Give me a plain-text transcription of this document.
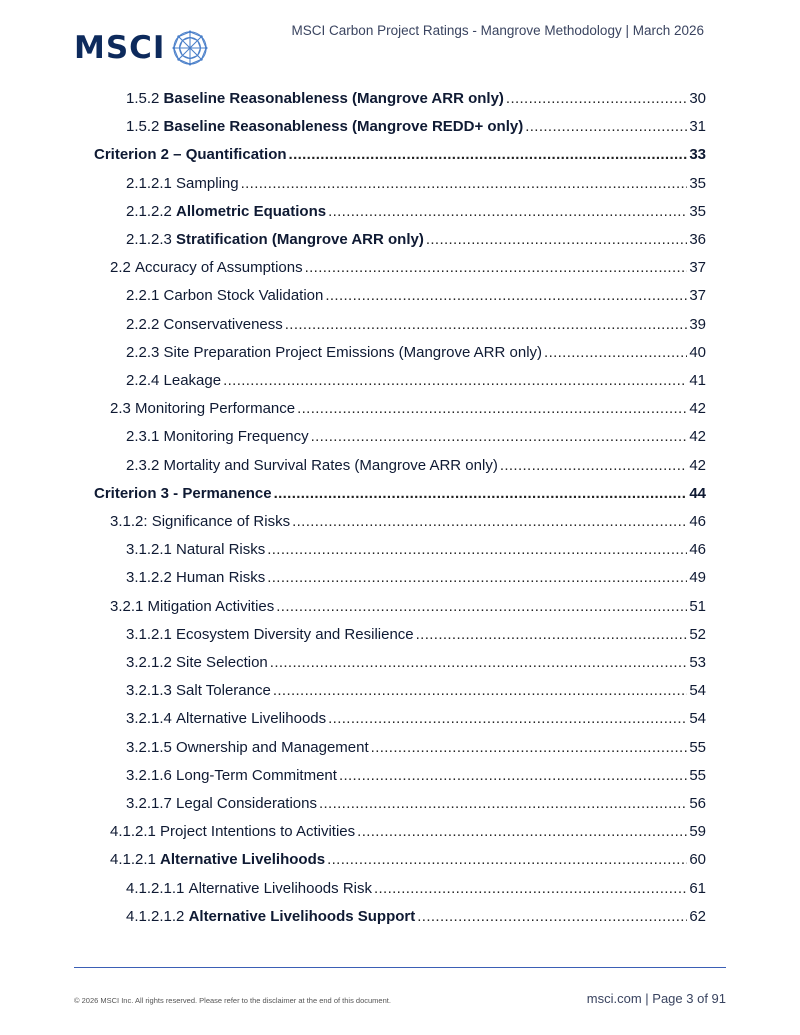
MSCI	MSCI Carbon Project Ratings - Mangrove Methodology | March 2026
1.5.2 Baseline Reasonableness (Mangrove ARR only) . . .	30
1.5.2 Baseline Reasonableness (Mangrove REDD+ only) . . .	31
Criterion 2 – Quantification . . .	33
2.1.2.1 Sampling . . .	35
2.1.2.2 Allometric Equations . . .	35
2.1.2.3 Stratification (Mangrove ARR only) . . .	36
2.2 Accuracy of Assumptions . . .	37
2.2.1 Carbon Stock Validation . . .	37
2.2.2 Conservativeness . . .	39
2.2.3 Site Preparation Project Emissions (Mangrove ARR only) . . .	40
2.2.4 Leakage . . .	41
2.3 Monitoring Performance . . .	42
2.3.1 Monitoring Frequency . . .	42
2.3.2 Mortality and Survival Rates (Mangrove ARR only) . . .	42
Criterion 3 - Permanence . . .	44
3.1.2: Significance of Risks . . .	46
3.1.2.1 Natural Risks . . .	46
3.1.2.2 Human Risks . . .	49
3.2.1 Mitigation Activities . . .	51
3.1.2.1 Ecosystem Diversity and Resilience . . .	52
3.2.1.2 Site Selection . . .	53
3.2.1.3 Salt Tolerance . . .	54
3.2.1.4 Alternative Livelihoods . . .	54
3.2.1.5 Ownership and Management . . .	55
3.2.1.6 Long-Term Commitment . . .	55
3.2.1.7 Legal Considerations . . .	56
4.1.2.1 Project Intentions to Activities . . .	59
4.1.2.1 Alternative Livelihoods . . .	60
4.1.2.1.1 Alternative Livelihoods Risk . . .	61
4.1.2.1.2 Alternative Livelihoods Support . . .	62
© 2026 MSCI Inc. All rights reserved. Please refer to the disclaimer at the end of this document.	msci.com | Page 3 of 91
